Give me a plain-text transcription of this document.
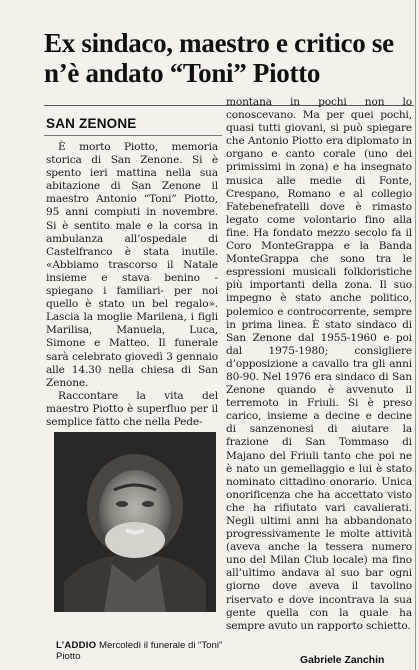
Ex sindaco, maestro e critico se n’è andato “Toni” Piotto
SAN ZENONE

È morto Piotto, memoria storica di San Zenone. Si è spento ieri mattina nella sua abitazione di San Zenone il maestro Antonio “Toni” Piotto, 95 anni compiuti in novembre. Si è sentito male e la corsa in ambulanza all’ospedale di Castelfranco è stata inutile. «Abbiamo trascorso il Natale insieme e stava benino -spiegano i familiari- per noi quello è stato un bel regalo». Lascia la moglie Marilena, i figli Marilisa, Manuela, Luca, Simone e Matteo. Il funerale sarà celebrato giovedì 3 gennaio alle 14.30 nella chiesa di San Zenone.

Raccontare la vita del maestro Piotto è superfluo per il semplice fatto che nella Pede-

L’ADDIO Mercoledì il funerale di “Toni” Piotto

montana in pochi non lo conoscevano. Ma per quei pochi, quasi tutti giovani, si può spiegare che Antonio Piotto era diplomato in organo e canto corale (uno dei primissimi in zona) e ha insegnato musica alle medie di Fonte, Crespano, Romano e al collegio Fatebenefratelli dove è rimasto legato come volontario fino alla fine. Ha fondato mezzo secolo fa il Coro MonteGrappa e la Banda MonteGrappa che sono tra le espressioni musicali folkloristiche più importanti della zona. Il suo impegno è stato anche politico, polemico e controcorrente, sempre in prima linea. È stato sindaco di San Zenone dal 1955-1960 e poi dal 1975-1980; consigliere d’opposizione a cavallo tra gli anni 80-90. Nel 1976 era sindaco di San Zenone quando è avvenuto il terremoto in Friuli. Si è preso carico, insieme a decine e decine di sanzenonesi di aiutare la frazione di San Tommaso di Majano del Friuli tanto che poi ne è nato un gemellaggio e lui è stato nominato cittadino onorario. Unica onorificenza che ha accettato visto che ha rifiutato vari cavalierati. Negli ultimi anni ha abbandonato progressivamente le molte attività (aveva anche la tessera numero uno del Milan Club locale) ma fino all’ultimo andava al suo bar ogni giorno dove aveva il tavolino riservato e dove incontrava la sua gente quella con la quale ha sempre avuto un rapporto schietto.

Gabriele Zanchin
